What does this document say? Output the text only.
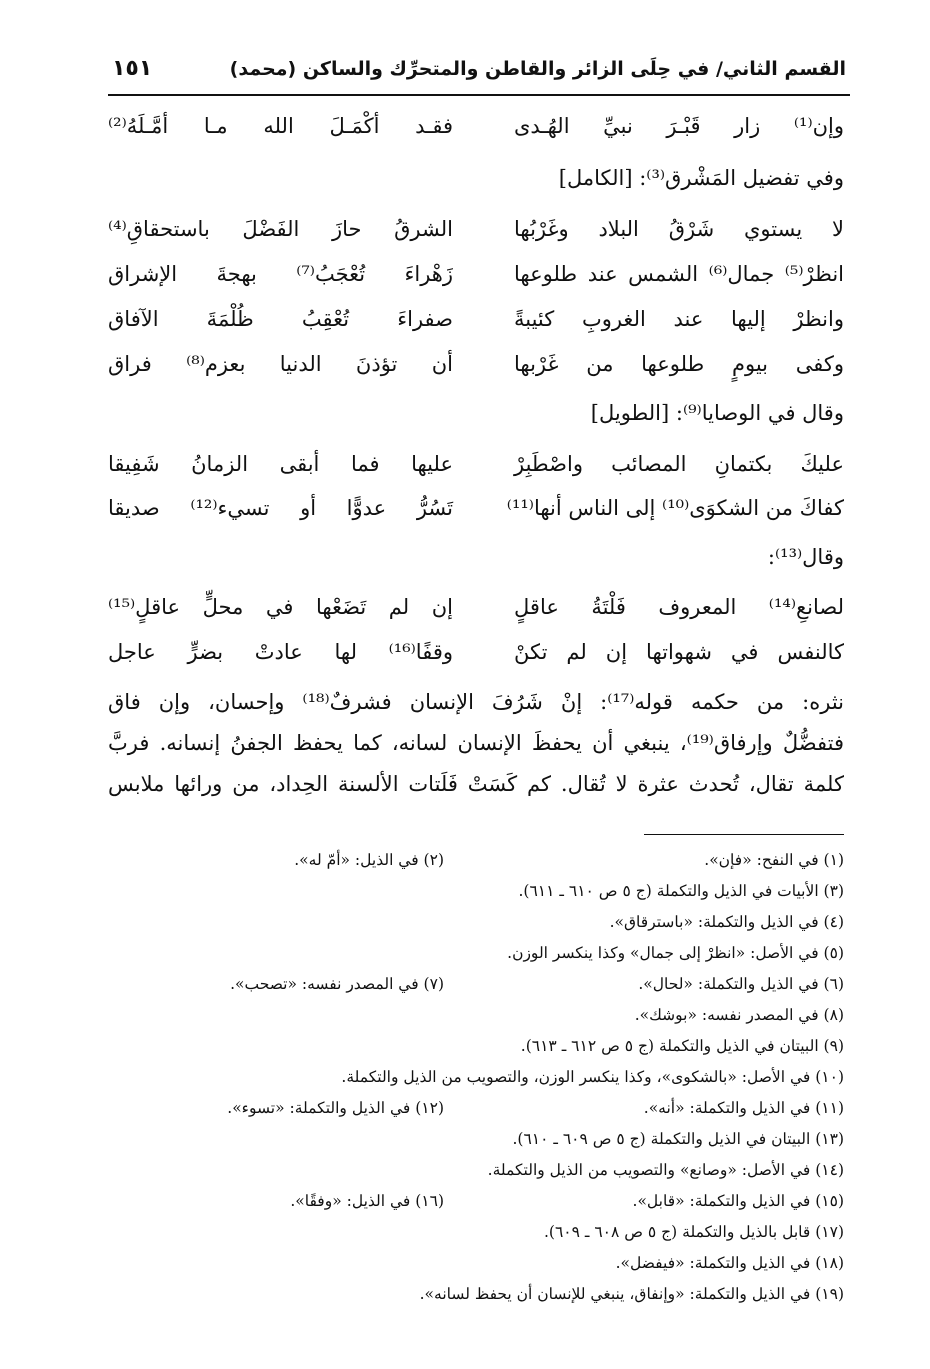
القسم الثاني/ في حِلَى الزائر والقاطن والمتحرِّك والساكن (محمد)
١٥١
وإن⁽¹⁾ زار قَبْـرَ نبيِّ الهُـدى
فقـد أكْمَـلَ الله مـا أمَّـلَهُ⁽²⁾
وفي تفضيل المَشْرق⁽³⁾: [الكامل]
لا يستوي شَرْقُ البلاد وغَرْبُها
الشرقُ حازَ الفَضْلَ باستحقاقِ⁽⁴⁾
انظرْ⁽⁵⁾ جمال⁽⁶⁾ الشمس عند طلوعها
زَهْراءَ تُعْجَبُ⁽⁷⁾ بهجةَ الإشراق
وانظرْ إليها عند الغروبِ كئيبةً
صفراءَ تُعْقِبُ ظُلْمَةَ الآفاق
وكفى بيومٍ طلوعها من غَرْبها
أن تؤذنَ الدنيا بعزم⁽⁸⁾ فراق
وقال في الوصايا⁽⁹⁾: [الطويل]
عليكَ بكتمانِ المصائب واصْطَبِرْ
عليها فما أبقى الزمانُ شَفِيقا
كفاكَ من الشكوَى⁽¹⁰⁾ إلى الناس أنها⁽¹¹⁾
تَسُرُّ عدوًّا أو تسيء⁽¹²⁾ صديقا
وقال⁽¹³⁾:
لصانعِ⁽¹⁴⁾ المعروف فَلْتَةُ عاقلٍ
إن لم تَضَعْها في محلٍّ عاقلٍ⁽¹⁵⁾
كالنفس في شهواتها إن لم تكنْ
وقفًا⁽¹⁶⁾ لها عادتْ بضرٍّ عاجل
نثره: من حكمه قوله⁽¹⁷⁾: إنْ شَرُفَ الإنسان فشرفٌ⁽¹⁸⁾ وإحسان، وإن فاق
فتفضُّلٌ وإرفاق⁽¹⁹⁾، ينبغي أن يحفظَ الإنسان لسانه، كما يحفظ الجفنُ إنسانه. فربَّ
كلمة تقال، تُحدث عثرة لا تُقال. كم كَسَتْ فَلَتات الألسنة الحِداد، من ورائها ملابس
(١) في النفح: «فإن».
(٢) في الذيل: «أمّ له».
(٣) الأبيات في الذيل والتكملة (ج ٥ ص ٦١٠ ـ ٦١١).
(٤) في الذيل والتكملة: «باسترقاق».
(٥) في الأصل: «انظرْ إلى جمال» وكذا ينكسر الوزن.
(٦) في الذيل والتكملة: «لحال».
(٧) في المصدر نفسه: «تصحب».
(٨) في المصدر نفسه: «بوشك».
(٩) البيتان في الذيل والتكملة (ج ٥ ص ٦١٢ ـ ٦١٣).
(١٠) في الأصل: «بالشكوى»، وكذا ينكسر الوزن، والتصويب من الذيل والتكملة.
(١١) في الذيل والتكملة: «أنه».
(١٢) في الذيل والتكملة: «تسوء».
(١٣) البيتان في الذيل والتكملة (ج ٥ ص ٦٠٩ ـ ٦١٠).
(١٤) في الأصل: «وصانع» والتصويب من الذيل والتكملة.
(١٥) في الذيل والتكملة: «قابل».
(١٦) في الذيل: «وفقًا».
(١٧) قابل بالذيل والتكملة (ج ٥ ص ٦٠٨ ـ ٦٠٩).
(١٨) في الذيل والتكملة: «فيفضل».
(١٩) في الذيل والتكملة: «وإنفاق، ينبغي للإنسان أن يحفظ لسانه».
